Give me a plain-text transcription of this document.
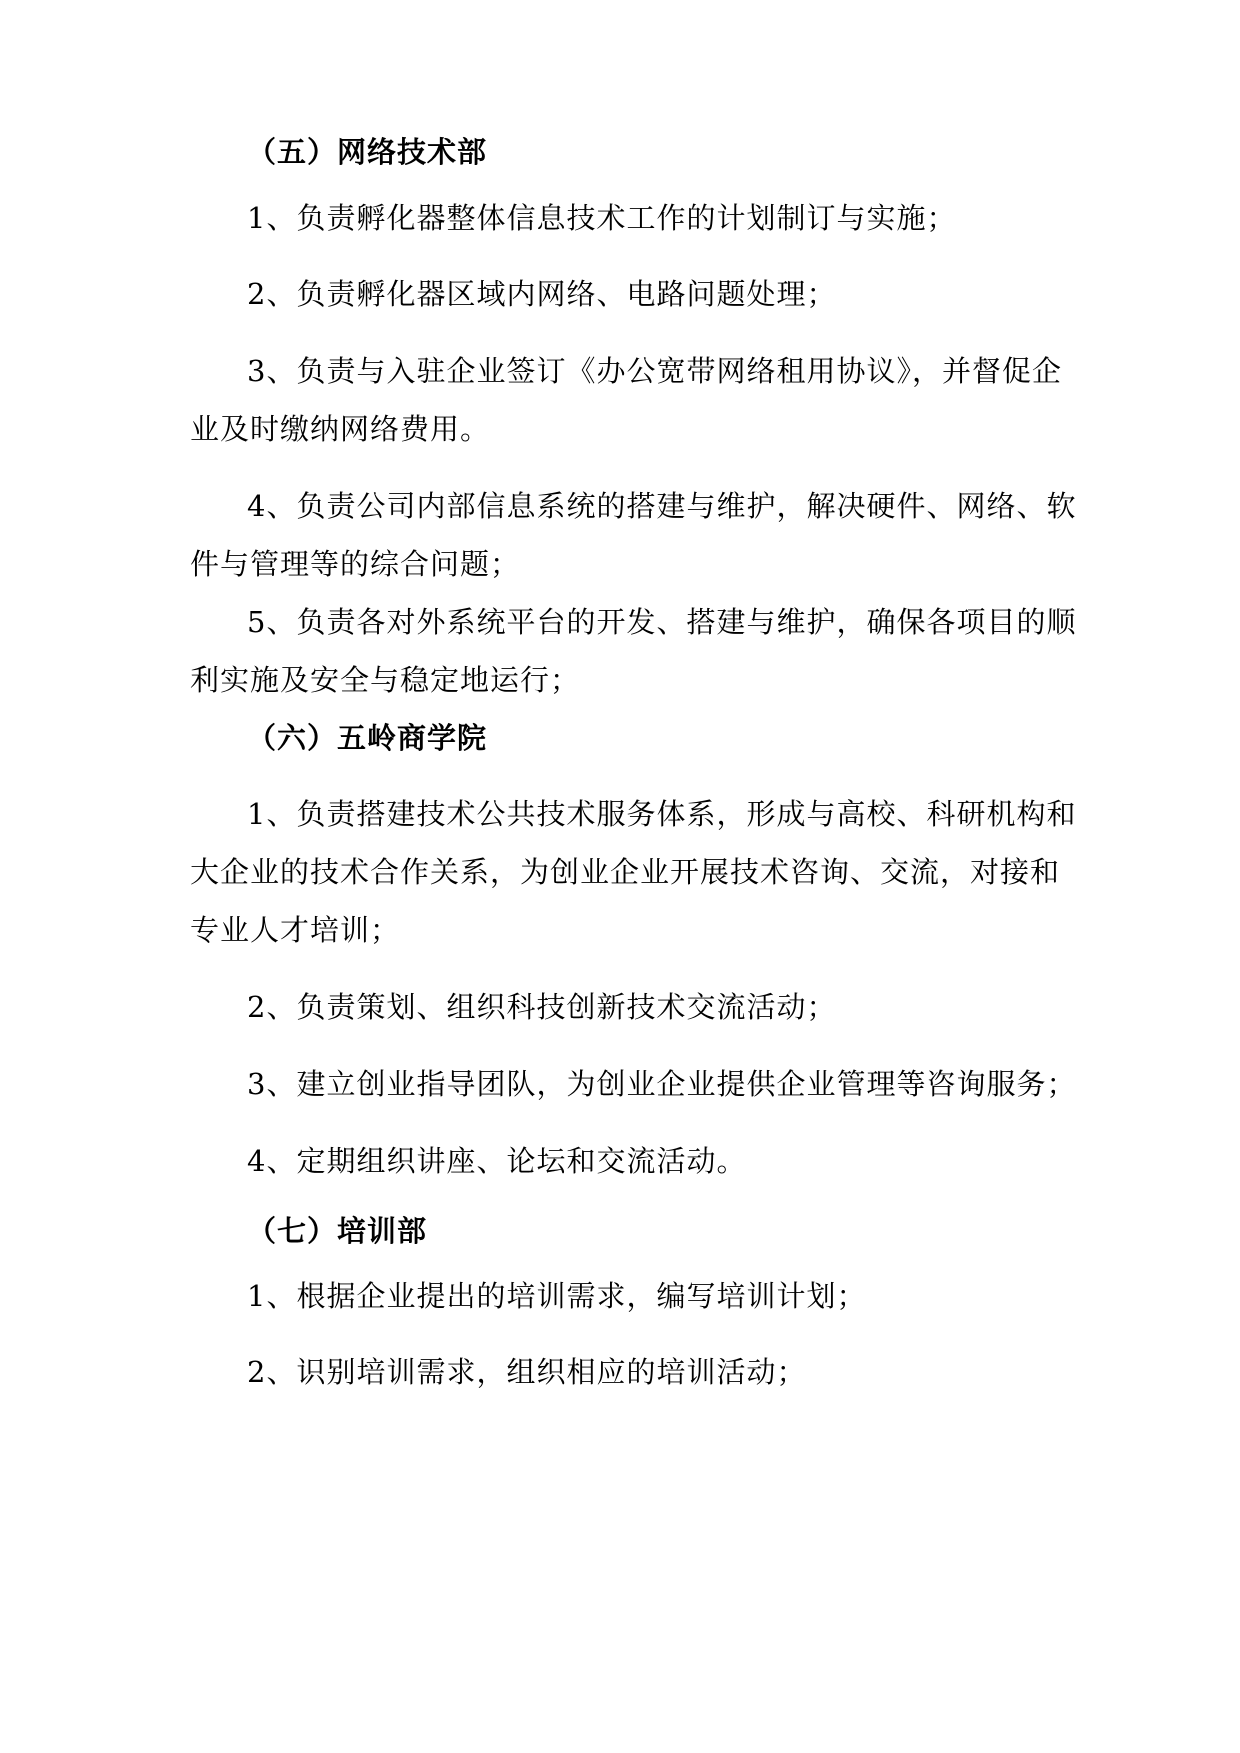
（五）网络技术部

1、负责孵化器整体信息技术工作的计划制订与实施；

2、负责孵化器区域内网络、电路问题处理；

3、负责与入驻企业签订《办公宽带网络租用协议》，并督促企

业及时缴纳网络费用。

4、负责公司内部信息系统的搭建与维护，解决硬件、网络、软

件与管理等的综合问题；

5、负责各对外系统平台的开发、搭建与维护，确保各项目的顺

利实施及安全与稳定地运行；

（六）五岭商学院

1、负责搭建技术公共技术服务体系，形成与高校、科研机构和

大企业的技术合作关系，为创业企业开展技术咨询、交流，对接和

专业人才培训；

2、负责策划、组织科技创新技术交流活动；

3、建立创业指导团队，为创业企业提供企业管理等咨询服务；

4、定期组织讲座、论坛和交流活动。

（七）培训部

1、根据企业提出的培训需求，编写培训计划；

2、识别培训需求，组织相应的培训活动；
